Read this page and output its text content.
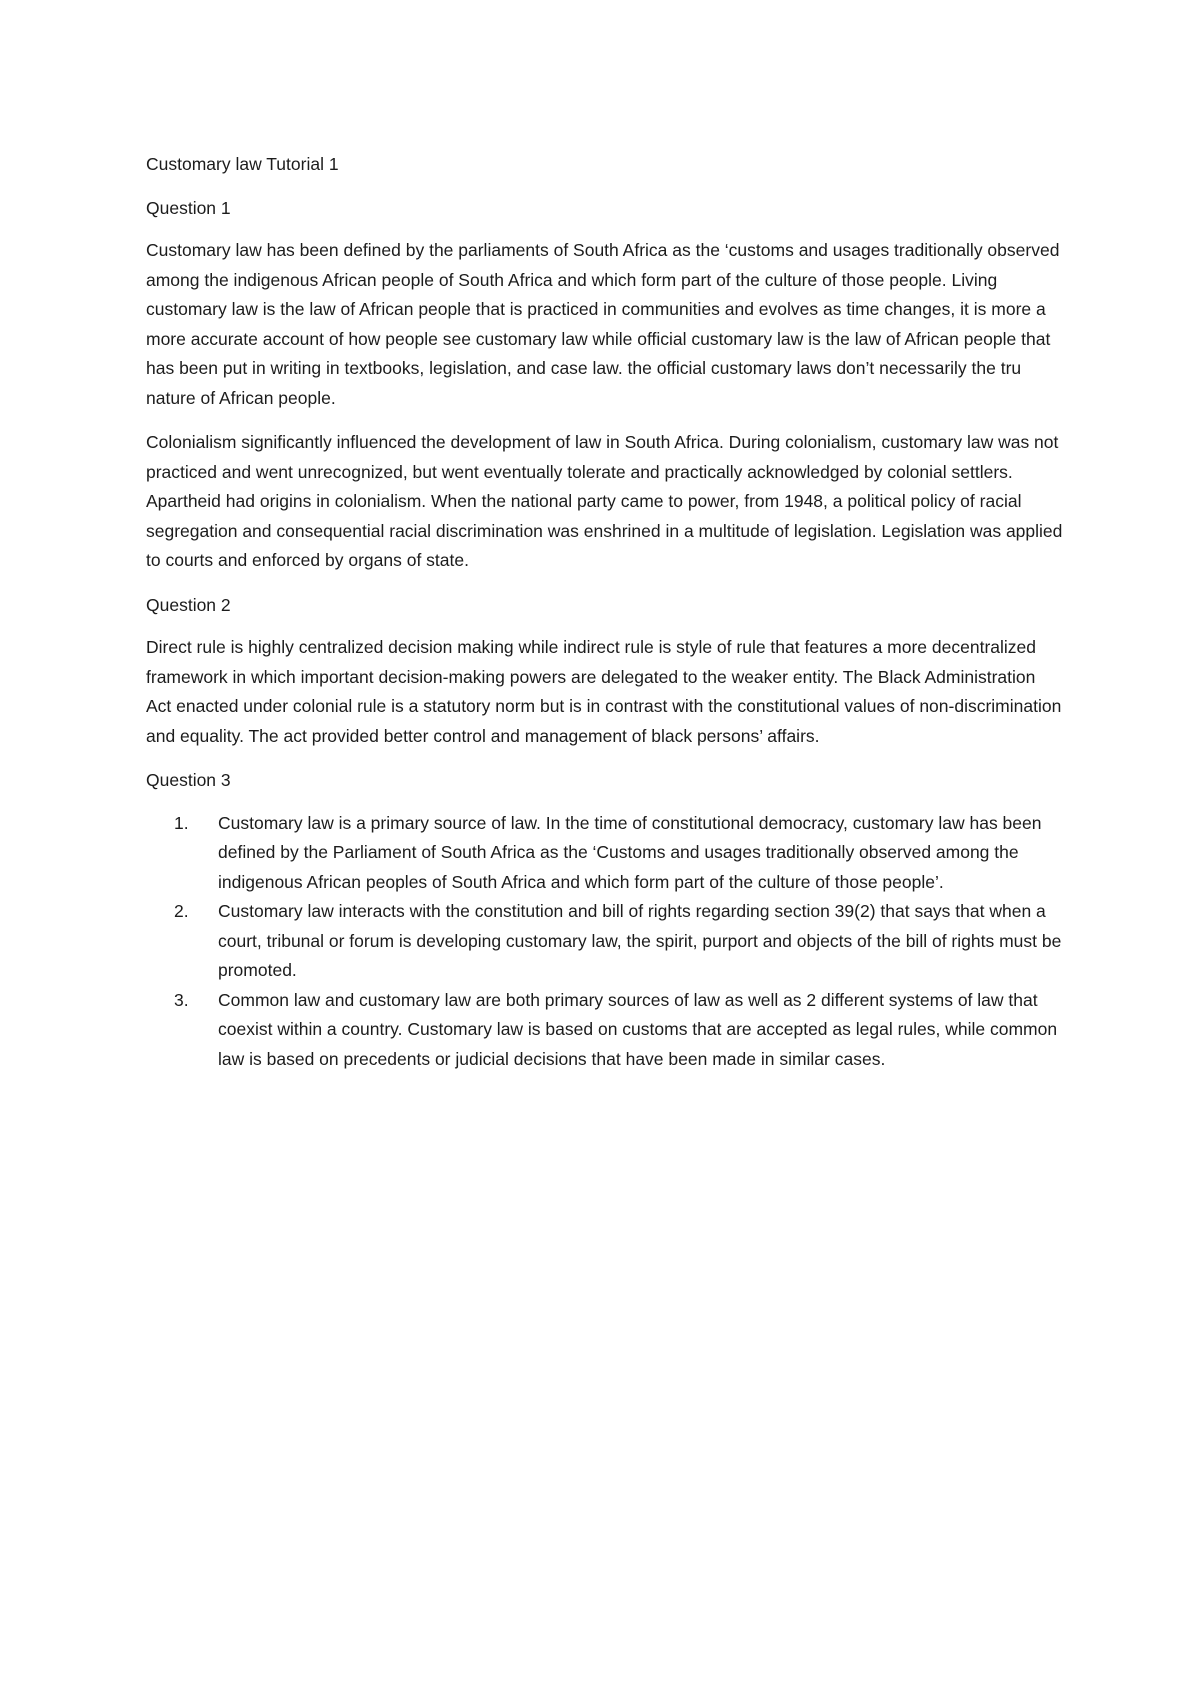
Customary law Tutorial 1

Question 1

Customary law has been defined by the parliaments of South Africa as the ‘customs and usages traditionally observed among the indigenous African people of South Africa and which form part of the culture of those people. Living customary law is the law of African people that is practiced in communities and evolves as time changes, it is more a more accurate account of how people see customary law while official customary law is the law of African people that has been put in writing in textbooks, legislation, and case law. the official customary laws don’t necessarily the tru nature of African people.

Colonialism significantly influenced the development of law in South Africa. During colonialism, customary law was not practiced and went unrecognized, but went eventually tolerate and practically acknowledged by colonial settlers. Apartheid had origins in colonialism. When the national party came to power, from 1948, a political policy of racial segregation and consequential racial discrimination was enshrined in a multitude of legislation. Legislation was applied to courts and enforced by organs of state.

Question 2

Direct rule is highly centralized decision making while indirect rule is style of rule that features a more decentralized framework in which important decision-making powers are delegated to the weaker entity. The Black Administration Act enacted under colonial rule is a statutory norm but is in contrast with the constitutional values of non-discrimination and equality. The act provided better control and management of black persons’ affairs.

Question 3

1. Customary law is a primary source of law. In the time of constitutional democracy, customary law has been defined by the Parliament of South Africa as the ‘Customs and usages traditionally observed among the indigenous African peoples of South Africa and which form part of the culture of those people’.
2. Customary law interacts with the constitution and bill of rights regarding section 39(2) that says that when a court, tribunal or forum is developing customary law, the spirit, purport and objects of the bill of rights must be promoted.
3. Common law and customary law are both primary sources of law as well as 2 different systems of law that coexist within a country. Customary law is based on customs that are accepted as legal rules, while common law is based on precedents or judicial decisions that have been made in similar cases.
